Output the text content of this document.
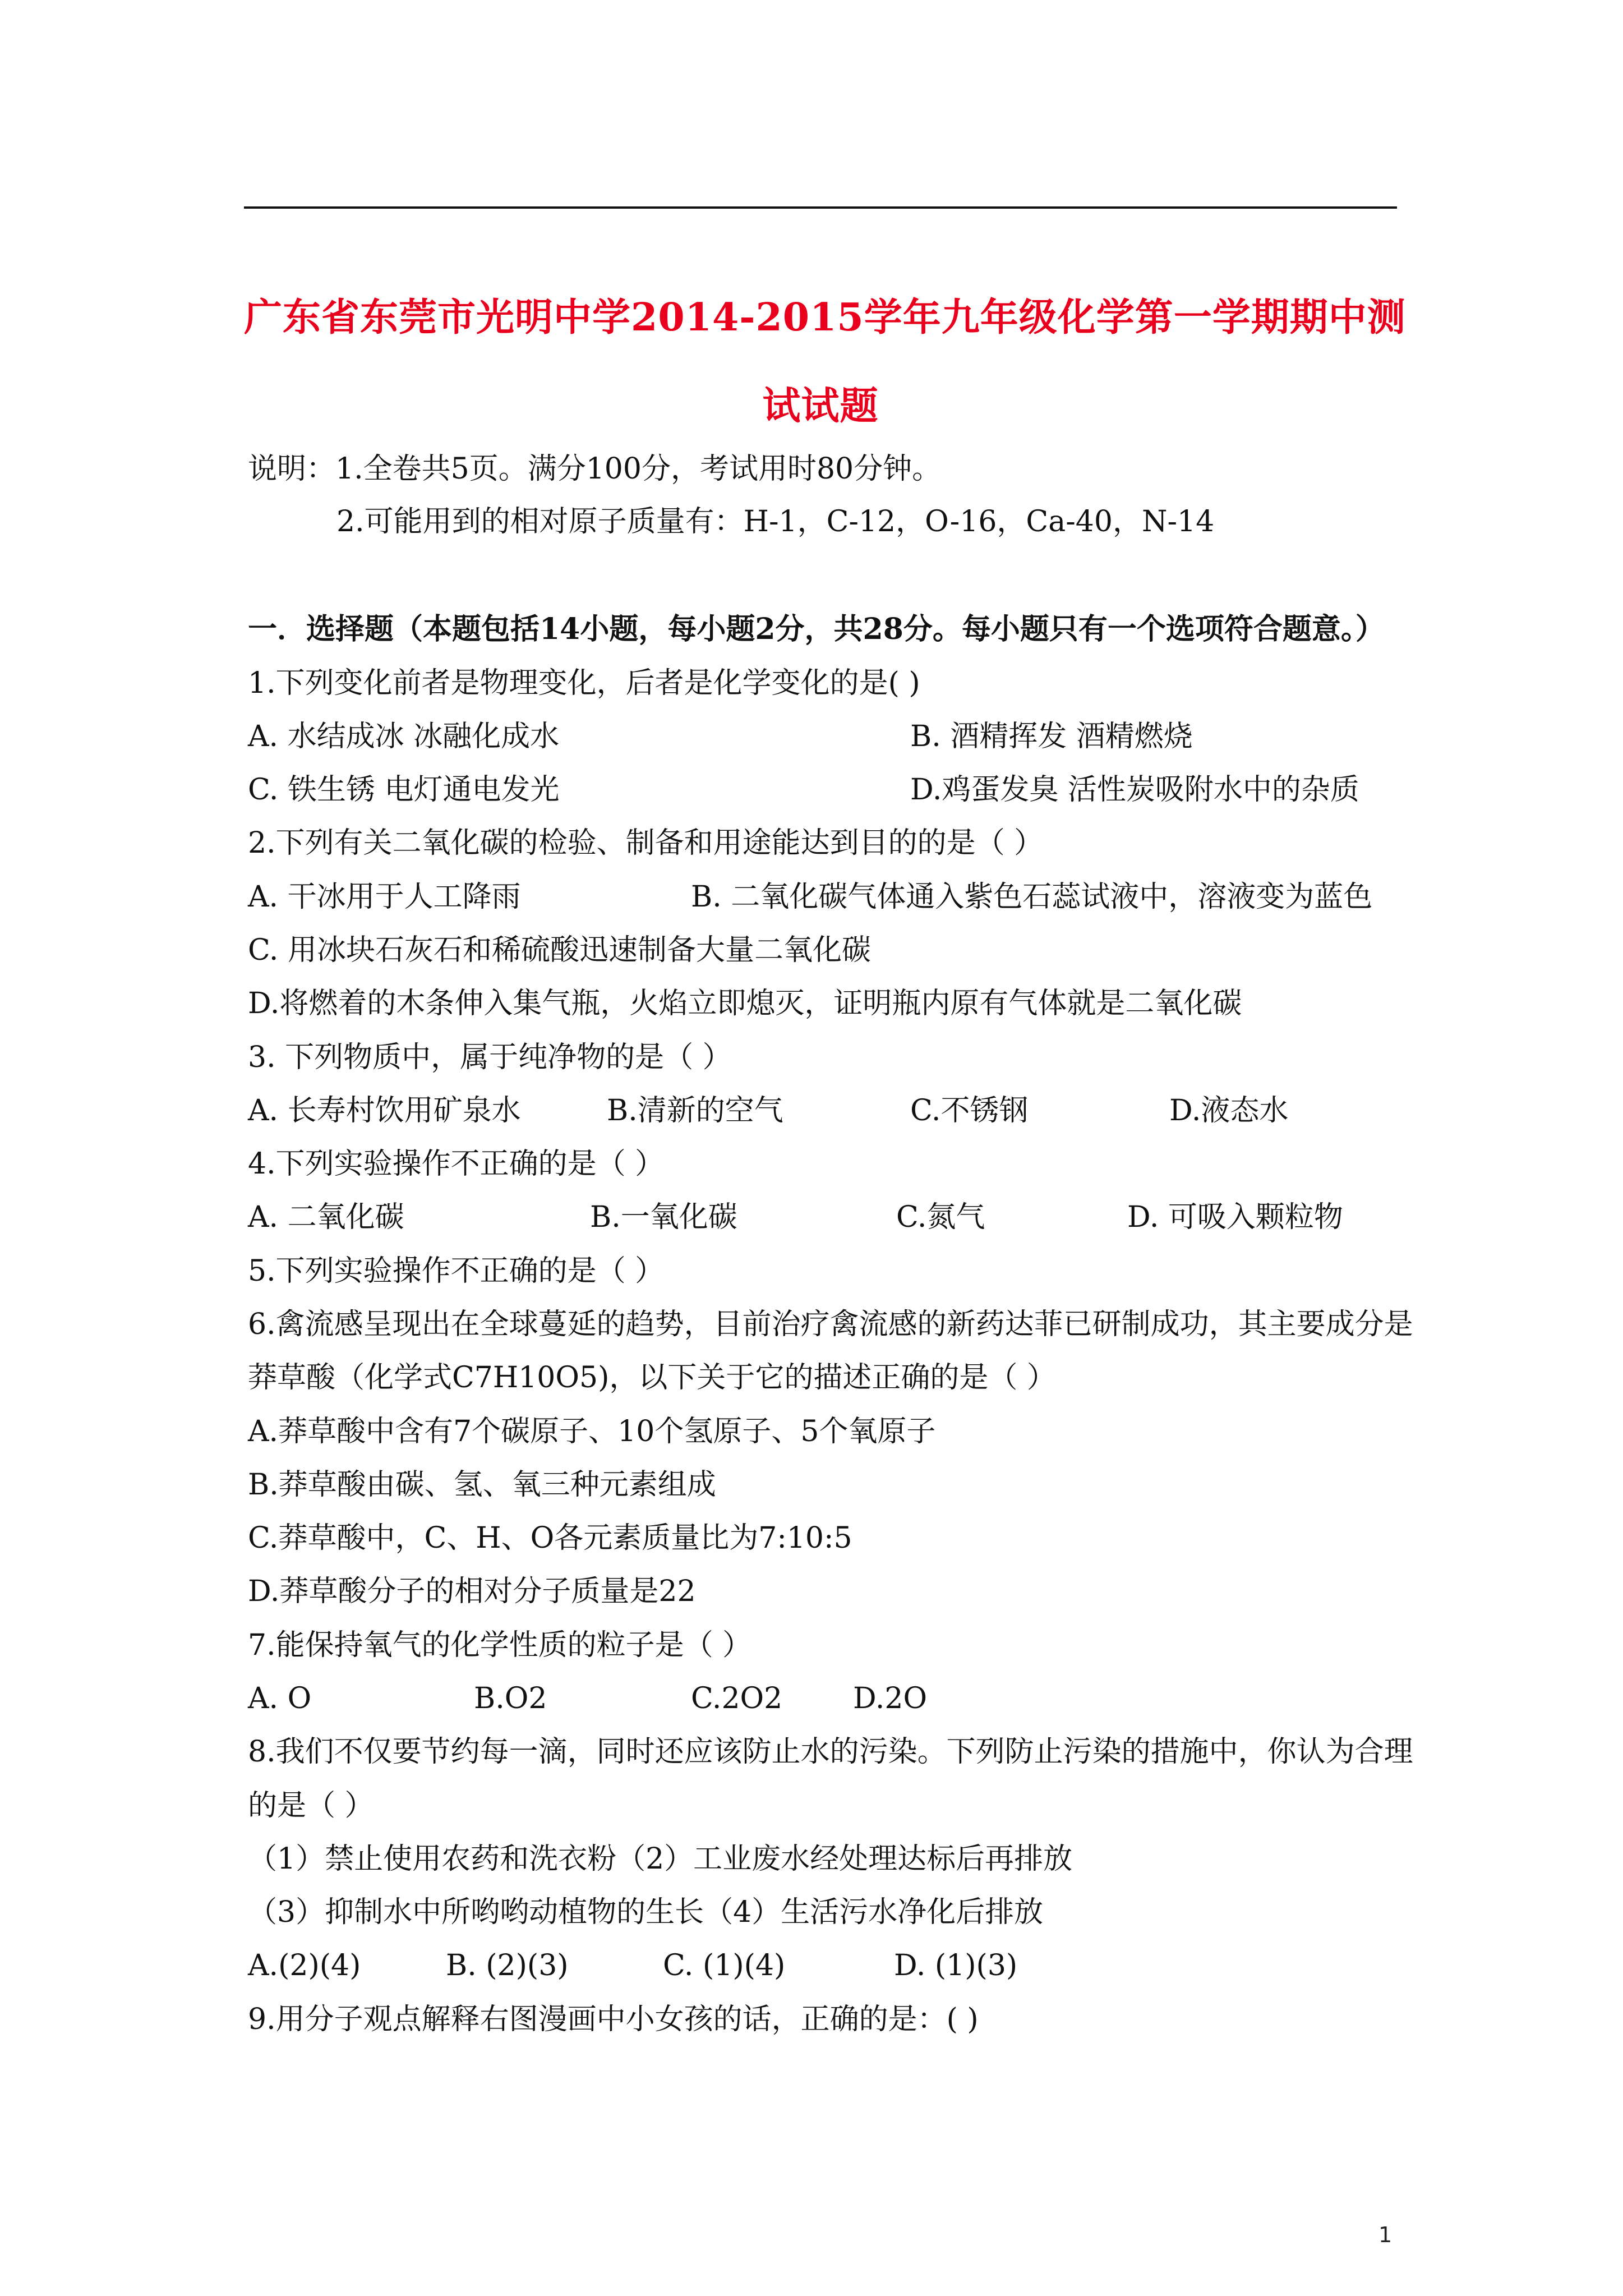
广东省东莞市光明中学2014-2015学年九年级化学第一学期期中测
试试题
说明：1.全卷共5页。满分100分，考试用时80分钟。
2.可能用到的相对原子质量有：H-1，C-12，O-16，Ca-40，N-14
一．选择题（本题包括14小题，每小题2分，共28分。每小题只有一个选项符合题意。）
1.下列变化前者是物理变化，后者是化学变化的是( )
A. 水结成冰 冰融化成水	B. 酒精挥发 酒精燃烧
C. 铁生锈 电灯通电发光	D.鸡蛋发臭 活性炭吸附水中的杂质
2.下列有关二氧化碳的检验、制备和用途能达到目的的是（ ）
A. 干冰用于人工降雨	B. 二氧化碳气体通入紫色石蕊试液中，溶液变为蓝色
C. 用冰块石灰石和稀硫酸迅速制备大量二氧化碳
D.将燃着的木条伸入集气瓶，火焰立即熄灭，证明瓶内原有气体就是二氧化碳
3. 下列物质中，属于纯净物的是（ ）
A. 长寿村饮用矿泉水	B.清新的空气	C.不锈钢	D.液态水
4.下列实验操作不正确的是（ ）
A. 二氧化碳	B.一氧化碳	C.氮气	D. 可吸入颗粒物
5.下列实验操作不正确的是（ ）
6.禽流感呈现出在全球蔓延的趋势，目前治疗禽流感的新药达菲已研制成功，其主要成分是
莽草酸（化学式C7H10O5)，以下关于它的描述正确的是（ ）
A.莽草酸中含有7个碳原子、10个氢原子、5个氧原子
B.莽草酸由碳、氢、氧三种元素组成
C.莽草酸中，C、H、O各元素质量比为7:10:5
D.莽草酸分子的相对分子质量是22
7.能保持氧气的化学性质的粒子是（ ）
A. O	B.O2	C.2O2 D.2O
8.我们不仅要节约每一滴，同时还应该防止水的污染。下列防止污染的措施中，你认为合理
的是（ ）
（1）禁止使用农药和洗衣粉（2）工业废水经处理达标后再排放
（3）抑制水中所哟哟动植物的生长（4）生活污水净化后排放
A.(2)(4)	B. (2)(3)	C. (1)(4)	D. (1)(3)
9.用分子观点解释右图漫画中小女孩的话，正确的是：( )
1
